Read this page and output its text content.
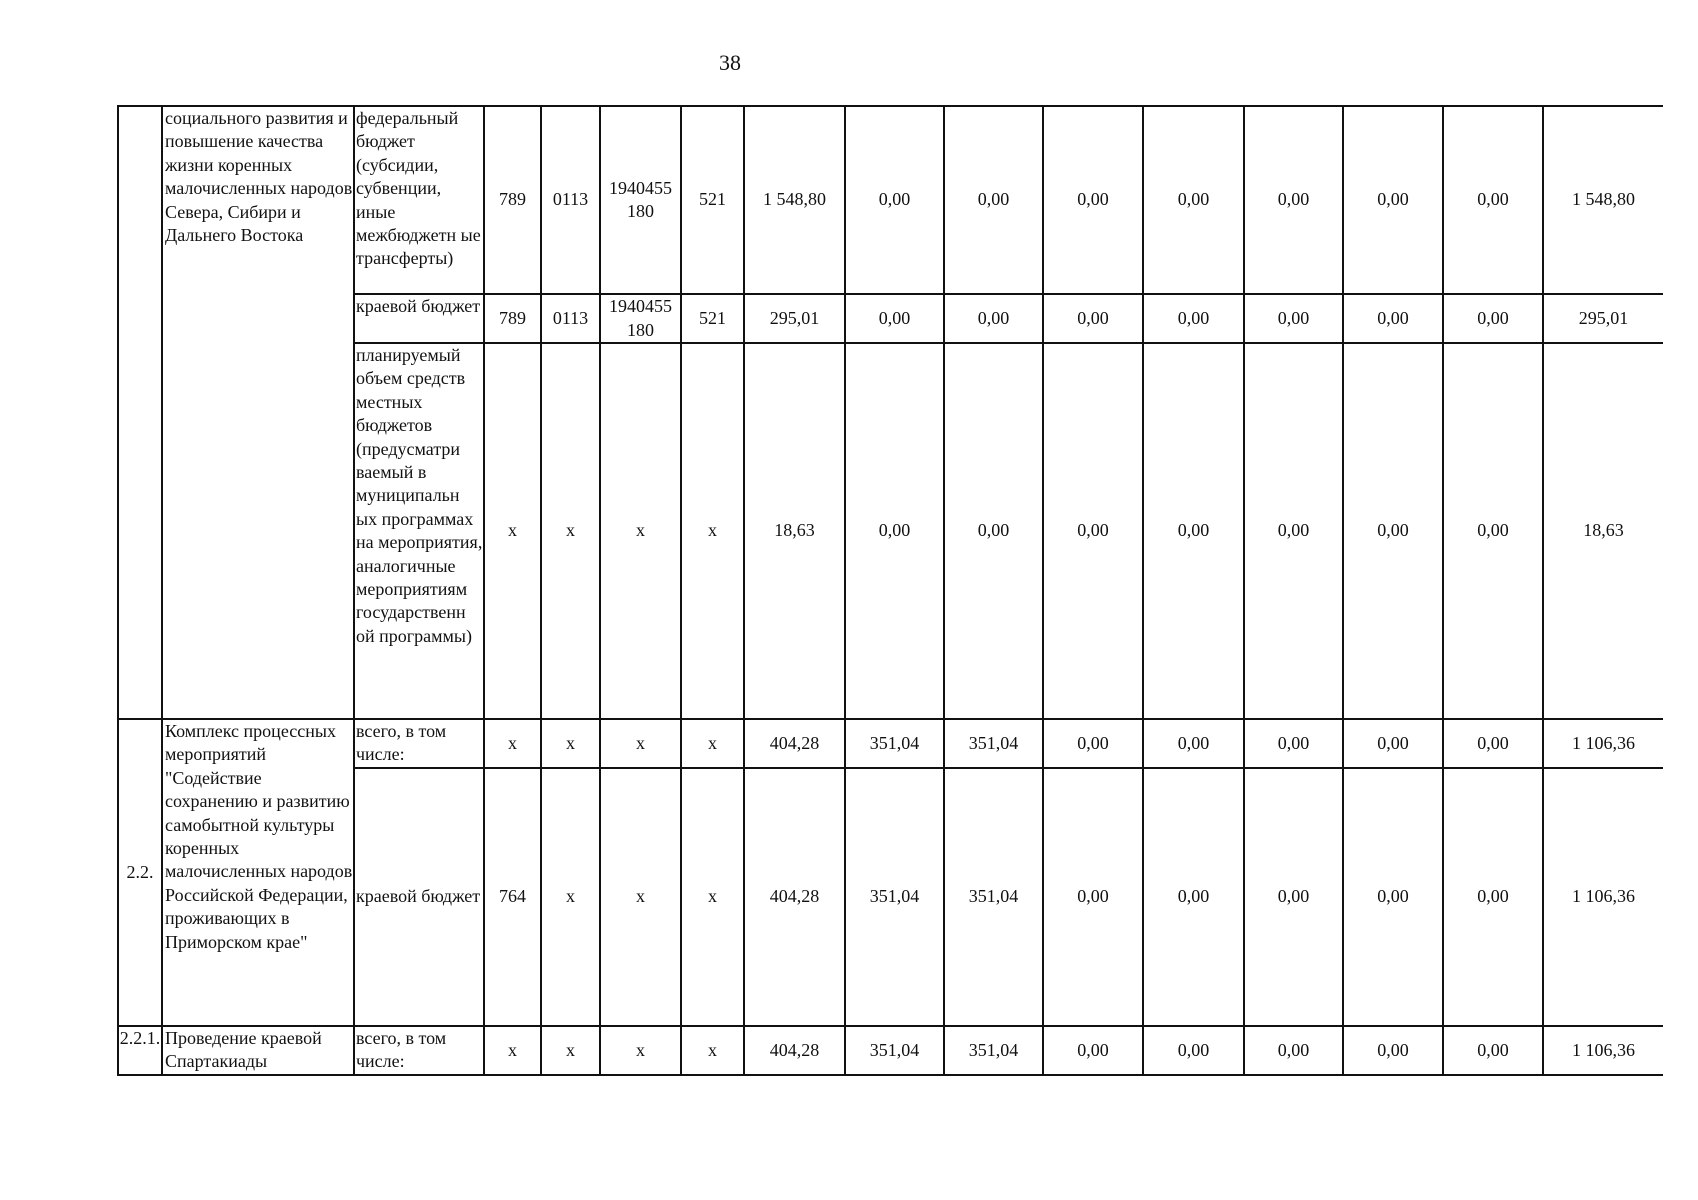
38
	социального развития и повышение качества жизни коренных малочисленных народов Севера, Сибири и Дальнего Востока	федеральный бюджет (субсидии, субвенции, иные межбюджетн ые трансферты)	789	0113	1940455 180	521	1 548,80	0,00	0,00	0,00	0,00	0,00	0,00	0,00	1 548,80
		краевой бюджет	789	0113	1940455 180	521	295,01	0,00	0,00	0,00	0,00	0,00	0,00	0,00	295,01
		планируемый объем средств местных бюджетов (предусматри ваемый в муниципальн ых программах на мероприятия, аналогичные мероприятиям государственн ой программы)	х	х	х	х	18,63	0,00	0,00	0,00	0,00	0,00	0,00	0,00	18,63
2.2.	Комплекс процессных мероприятий "Содействие сохранению и развитию самобытной культуры коренных малочисленных народов Российской Федерации, проживающих в Приморском крае"	всего, в том числе:	х	х	х	х	404,28	351,04	351,04	0,00	0,00	0,00	0,00	0,00	1 106,36
		краевой бюджет	764	х	х	х	404,28	351,04	351,04	0,00	0,00	0,00	0,00	0,00	1 106,36
2.2.1.	Проведение краевой Спартакиады	всего, в том числе:	х	х	х	х	404,28	351,04	351,04	0,00	0,00	0,00	0,00	0,00	1 106,36
